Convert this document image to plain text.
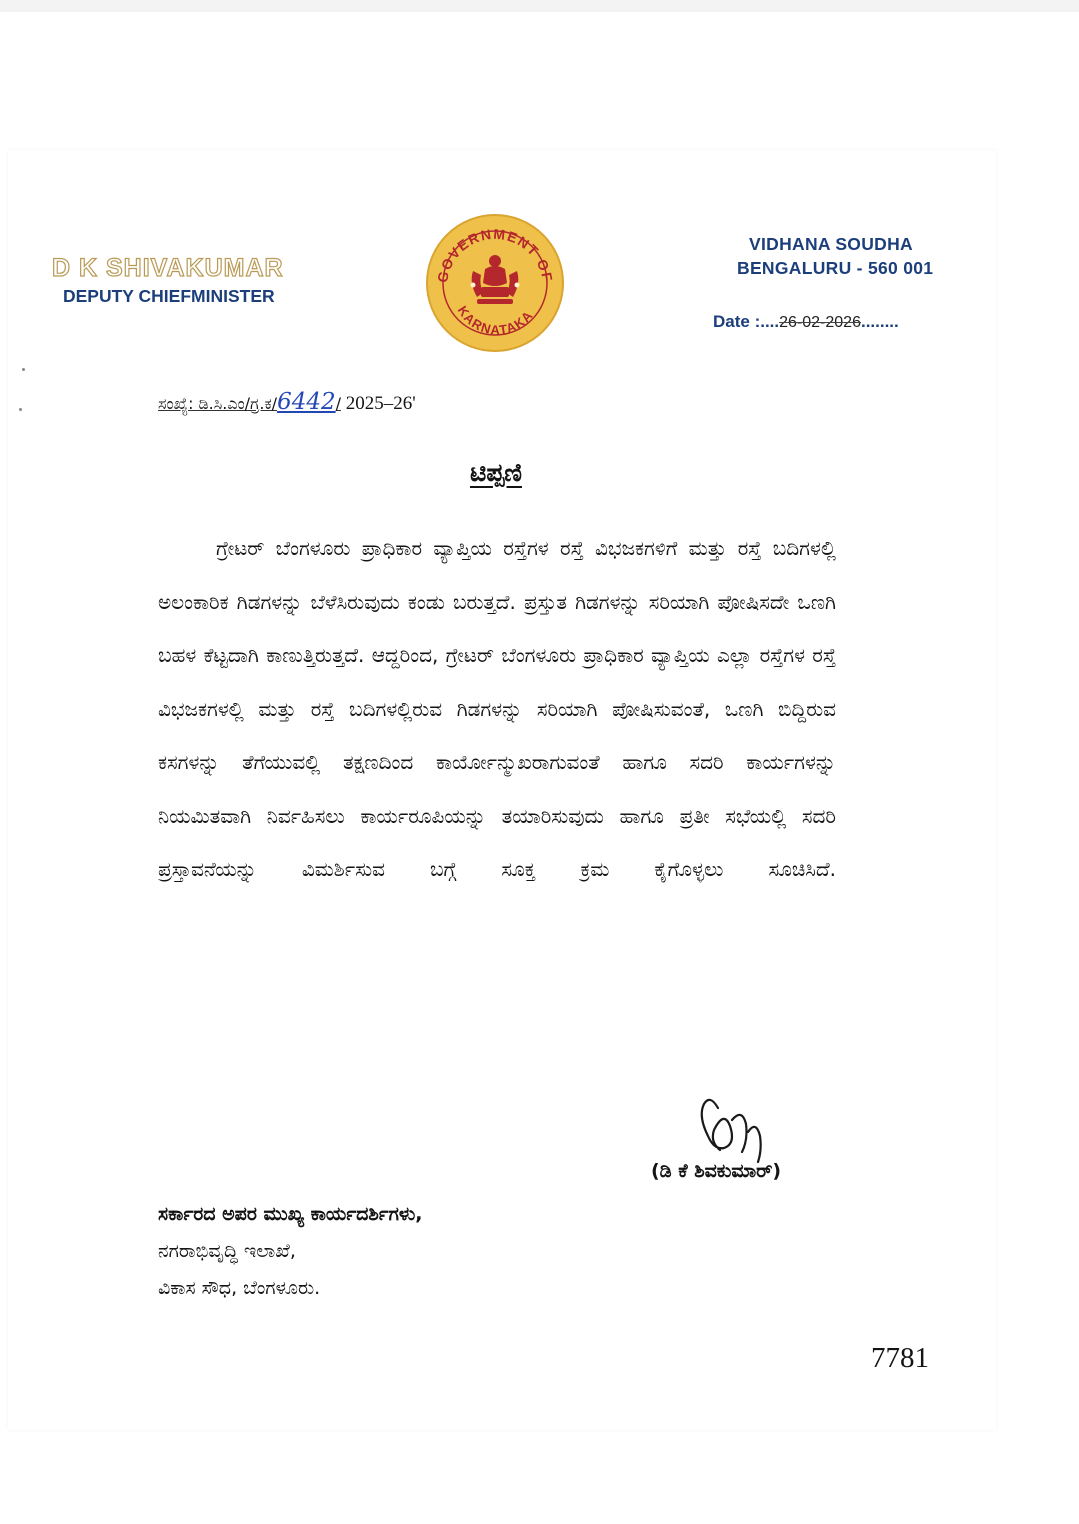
D K SHIVAKUMAR
DEPUTY CHIEFMINISTER
GOVERNMENT OF
KARNATAKA
VIDHANA SOUDHA
BENGALURU - 560 001
Date :....26-02-2026........
ಸಂಖ್ಯೆ: ಡಿ.ಸಿ.ಎಂ/ಗ್ರ.ಕ/6442/ 2025–26'
ಟಿಪ್ಪಣಿ
ಗ್ರೇಟರ್ ಬೆಂಗಳೂರು ಪ್ರಾಧಿಕಾರ ವ್ಯಾಪ್ತಿಯ ರಸ್ತೆಗಳ ರಸ್ತೆ ವಿಭಜಕಗಳಿಗೆ ಮತ್ತು ರಸ್ತೆ ಬದಿಗಳಲ್ಲಿ ಅಲಂಕಾರಿಕ ಗಿಡಗಳನ್ನು ಬೆಳೆಸಿರುವುದು ಕಂಡು ಬರುತ್ತದೆ. ಪ್ರಸ್ತುತ ಗಿಡಗಳನ್ನು ಸರಿಯಾಗಿ ಪೋಷಿಸದೇ ಒಣಗಿ ಬಹಳ ಕೆಟ್ಟದಾಗಿ ಕಾಣುತ್ತಿರುತ್ತದೆ. ಆದ್ದರಿಂದ, ಗ್ರೇಟರ್ ಬೆಂಗಳೂರು ಪ್ರಾಧಿಕಾರ ವ್ಯಾಪ್ತಿಯ ಎಲ್ಲಾ ರಸ್ತೆಗಳ ರಸ್ತೆ ವಿಭಜಕಗಳಲ್ಲಿ ಮತ್ತು ರಸ್ತೆ ಬದಿಗಳಲ್ಲಿರುವ ಗಿಡಗಳನ್ನು ಸರಿಯಾಗಿ ಪೋಷಿಸುವಂತೆ, ಒಣಗಿ ಬಿದ್ದಿರುವ ಕಸಗಳನ್ನು ತೆಗೆಯುವಲ್ಲಿ ತಕ್ಷಣದಿಂದ ಕಾರ್ಯೋನ್ಮುಖರಾಗುವಂತೆ ಹಾಗೂ ಸದರಿ ಕಾರ್ಯಗಳನ್ನು ನಿಯಮಿತವಾಗಿ ನಿರ್ವಹಿಸಲು ಕಾರ್ಯರೂಪಿಯನ್ನು ತಯಾರಿಸುವುದು ಹಾಗೂ ಪ್ರತೀ ಸಭೆಯಲ್ಲಿ ಸದರಿ ಪ್ರಸ್ತಾವನೆಯನ್ನು ವಿಮರ್ಶಿಸುವ ಬಗ್ಗೆ ಸೂಕ್ತ ಕ್ರಮ ಕೈಗೊಳ್ಳಲು ಸೂಚಿಸಿದೆ.
(ಡಿ ಕೆ ಶಿವಕುಮಾರ್)
ಸರ್ಕಾರದ ಅಪರ ಮುಖ್ಯ ಕಾರ್ಯದರ್ಶಿಗಳು,
ನಗರಾಭಿವೃದ್ಧಿ ಇಲಾಖೆ,
ವಿಕಾಸ ಸೌಧ, ಬೆಂಗಳೂರು.
7781
